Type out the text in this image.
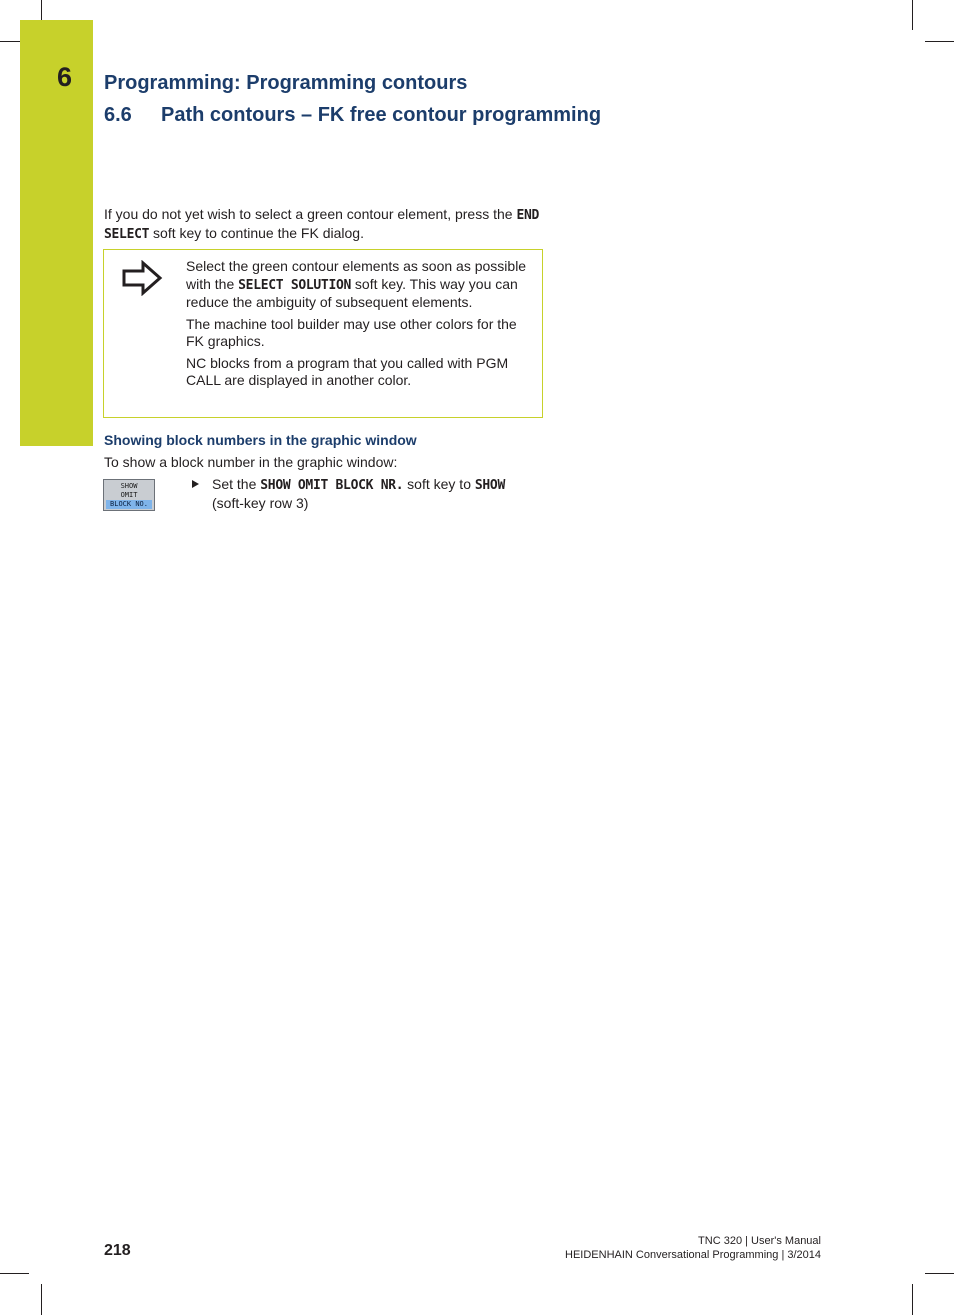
6 Programming: Programming contours
6.6 Path contours – FK free contour programming
If you do not yet wish to select a green contour element, press the END SELECT soft key to continue the FK dialog.

Select the green contour elements as soon as possible with the SELECT SOLUTION soft key. This way you can reduce the ambiguity of subsequent elements.

The machine tool builder may use other colors for the FK graphics.

NC blocks from a program that you called with PGM CALL are displayed in another color.

Showing block numbers in the graphic window
To show a block number in the graphic window:
SHOW
OMIT
BLOCK NO.
Set the SHOW OMIT BLOCK NR. soft key to SHOW
(soft-key row 3)
218
TNC 320 | User's Manual
HEIDENHAIN Conversational Programming | 3/2014
